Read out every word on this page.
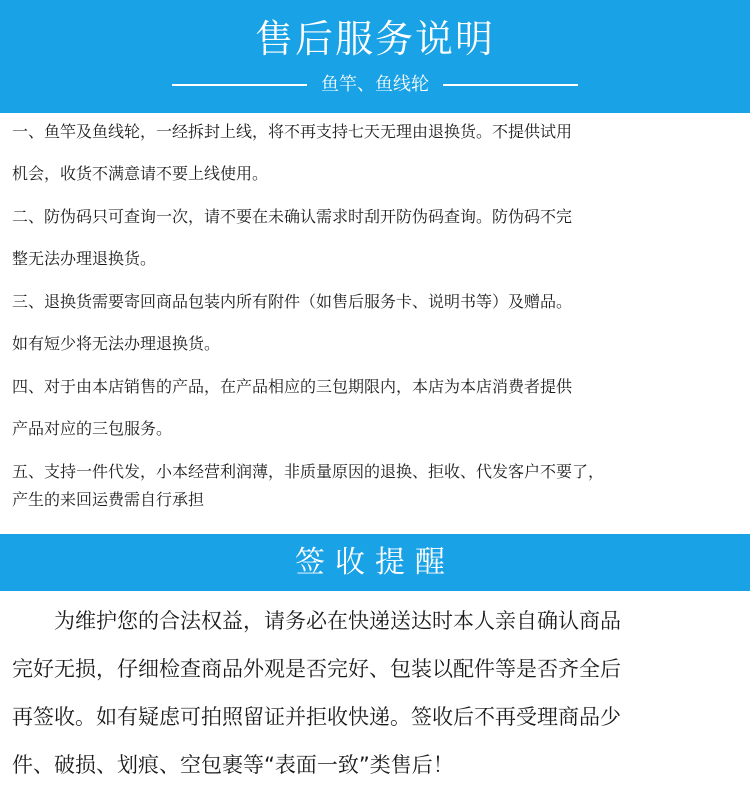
售后服务说明
鱼竿、鱼线轮

一、鱼竿及鱼线轮，一经拆封上线，将不再支持七天无理由退换货。不提供试用

机会，收货不满意请不要上线使用。

二、防伪码只可查询一次，请不要在未确认需求时刮开防伪码查询。防伪码不完

整无法办理退换货。

三、退换货需要寄回商品包装内所有附件（如售后服务卡、说明书等）及赠品。

如有短少将无法办理退换货。

四、对于由本店销售的产品，在产品相应的三包期限内，本店为本店消费者提供

产品对应的三包服务。

五、支持一件代发，小本经营利润薄，非质量原因的退换、拒收、代发客户不要了，

产生的来回运费需自行承担

签收提醒
为维护您的合法权益，请务必在快递送达时本人亲自确认商品
完好无损，仔细检查商品外观是否完好、包装以配件等是否齐全后
再签收。如有疑虑可拍照留证并拒收快递。签收后不再受理商品少
件、破损、划痕、空包裹等“表面一致”类售后！
